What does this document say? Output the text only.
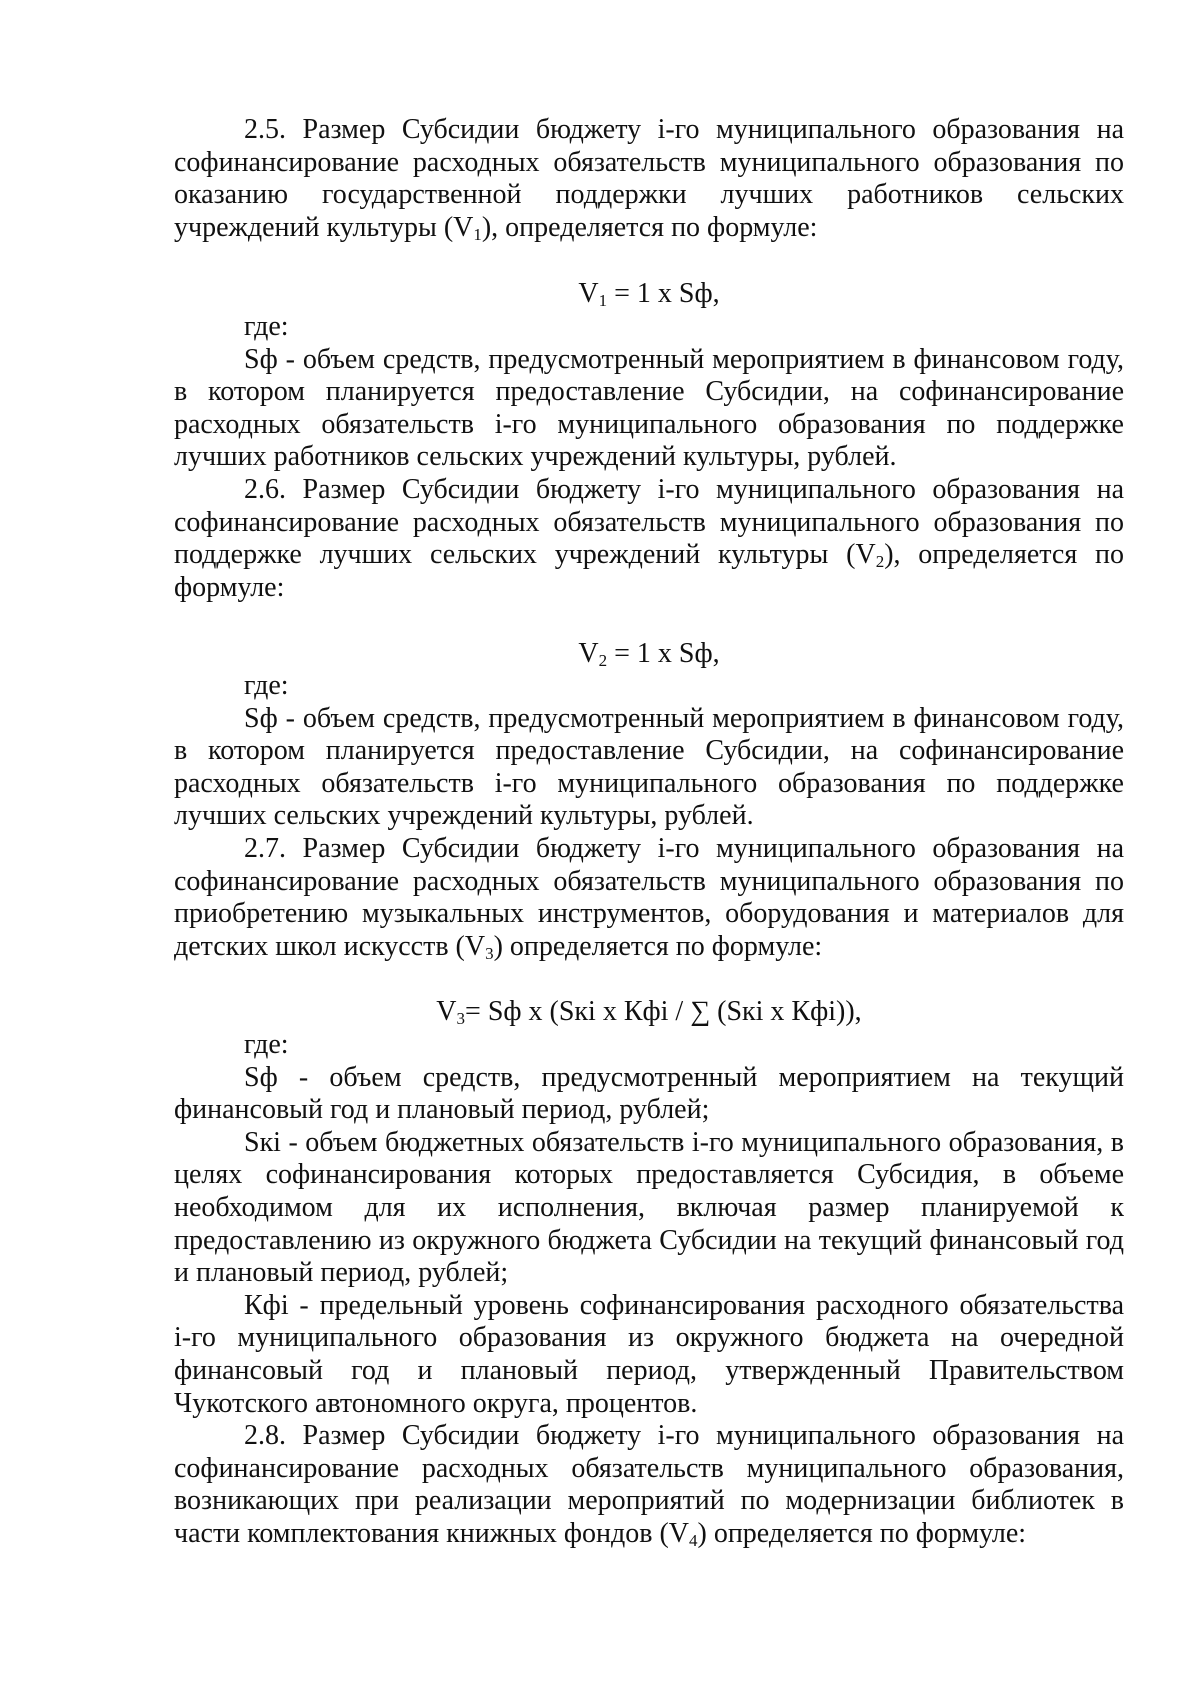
2.5. Размер Субсидии бюджету i-го муниципального образования на софинансирование расходных обязательств муниципального образования по оказанию государственной поддержки лучших работников сельских учреждений культуры $(V_1)$, определяется по формуле:

$V_1 = 1$ x Sф,

где:

Sф - объем средств, предусмотренный мероприятием в финансовом году, в котором планируется предоставление Субсидии, на софинансирование расходных обязательств i-го муниципального образования по поддержке лучших работников сельских учреждений культуры, рублей.

2.6. Размер Субсидии бюджету i-го муниципального образования на софинансирование расходных обязательств муниципального образования по поддержке лучших сельских учреждений культуры $(V_2)$, определяется по формуле:

$V_2 = 1$ x Sф,

где:

Sф - объем средств, предусмотренный мероприятием в финансовом году, в котором планируется предоставление Субсидии, на софинансирование расходных обязательств i-го муниципального образования по поддержке лучших сельских учреждений культуры, рублей.

2.7. Размер Субсидии бюджету i-го муниципального образования на софинансирование расходных обязательств муниципального образования по приобретению музыкальных инструментов, оборудования и материалов для детских школ искусств $(V_3)$ определяется по формуле:

$V_3=$ Sф x (Sкi x Кфi / ∑ (Sкi x Кфi)),

где:

Sф - объем средств, предусмотренный мероприятием на текущий финансовый год и плановый период, рублей;

Sкi - объем бюджетных обязательств i-го муниципального образования, в целях софинансирования которых предоставляется Субсидия, в объеме необходимом для их исполнения, включая размер планируемой к предоставлению из окружного бюджета Субсидии на текущий финансовый год и плановый период, рублей;

Кфi - предельный уровень софинансирования расходного обязательства i-го муниципального образования из окружного бюджета на очередной финансовый год и плановый период, утвержденный Правительством Чукотского автономного округа, процентов.

2.8. Размер Субсидии бюджету i-го муниципального образования на софинансирование расходных обязательств муниципального образования, возникающих при реализации мероприятий по модернизации библиотек в части комплектования книжных фондов $(V_4)$ определяется по формуле:
